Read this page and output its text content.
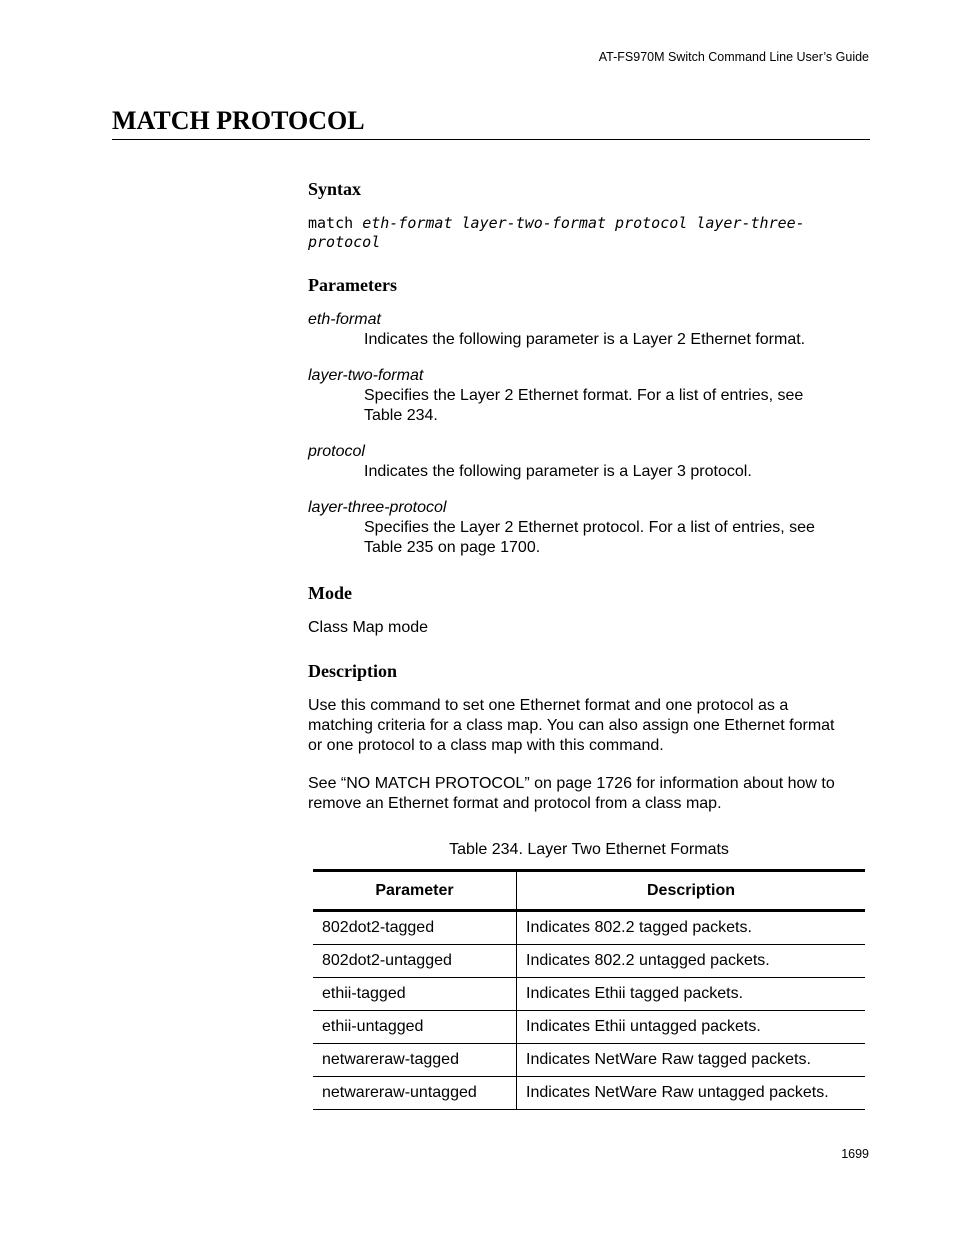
AT-FS970M Switch Command Line User’s Guide
MATCH PROTOCOL
Syntax
match eth-format layer-two-format protocol layer-three-
protocol
Parameters
eth-format
Indicates the following parameter is a Layer 2 Ethernet format.
layer-two-format
Specifies the Layer 2 Ethernet format. For a list of entries, see
Table 234.
protocol
Indicates the following parameter is a Layer 3 protocol.
layer-three-protocol
Specifies the Layer 2 Ethernet protocol. For a list of entries, see
Table 235 on page 1700.
Mode

Class Map mode

Description

Use this command to set one Ethernet format and one protocol as a
matching criteria for a class map. You can also assign one Ethernet format
or one protocol to a class map with this command.

See “NO MATCH PROTOCOL” on page 1726 for information about how to
remove an Ethernet format and protocol from a class map.

Table 234. Layer Two Ethernet Formats
Parameter	Description
802dot2-tagged	Indicates 802.2 tagged packets.
802dot2-untagged	Indicates 802.2 untagged packets.
ethii-tagged	Indicates Ethii tagged packets.
ethii-untagged	Indicates Ethii untagged packets.
netwareraw-tagged	Indicates NetWare Raw tagged packets.
netwareraw-untagged	Indicates NetWare Raw untagged packets.
1699
